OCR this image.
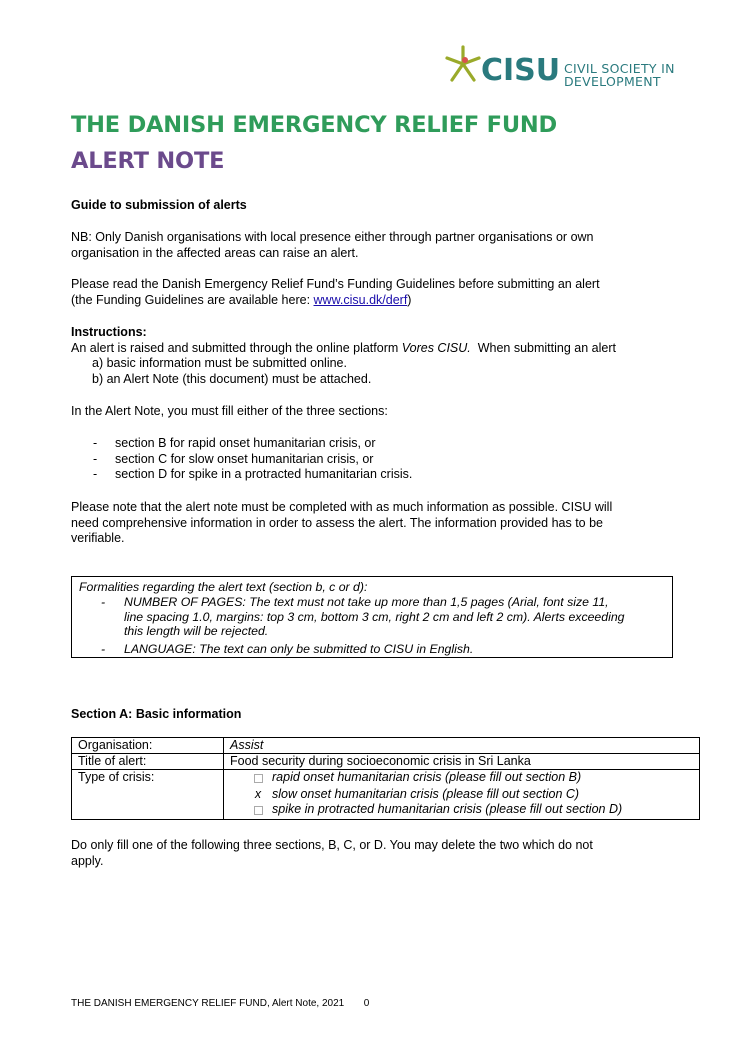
CISU CIVIL SOCIETY IN
DEVELOPMENT
THE DANISH EMERGENCY RELIEF FUND
ALERT NOTE
Guide to submission of alerts
NB: Only Danish organisations with local presence either through partner organisations or own
organisation in the affected areas can raise an alert.
Please read the Danish Emergency Relief Fund’s Funding Guidelines before submitting an alert
(the Funding Guidelines are available here: www.cisu.dk/derf)
Instructions:
An alert is raised and submitted through the online platform Vores CISU.  When submitting an alert
a) basic information must be submitted online.
b) an Alert Note (this document) must be attached.
In the Alert Note, you must fill either of the three sections:
- section B for rapid onset humanitarian crisis, or
- section C for slow onset humanitarian crisis, or
- section D for spike in a protracted humanitarian crisis.
Please note that the alert note must be completed with as much information as possible. CISU will
need comprehensive information in order to assess the alert. The information provided has to be
verifiable.
Formalities regarding the alert text (section b, c or d):
- NUMBER OF PAGES: The text must not take up more than 1,5 pages (Arial, font size 11,
line spacing 1.0, margins: top 3 cm, bottom 3 cm, right 2 cm and left 2 cm). Alerts exceeding
this length will be rejected.
- LANGUAGE: The text can only be submitted to CISU in English.
Section A: Basic information
Organisation:	Assist
Title of alert:	Food security during socioeconomic crisis in Sri Lanka
Type of crisis:	rapid onset humanitarian crisis (please fill out section B)
x slow onset humanitarian crisis (please fill out section C)
spike in protracted humanitarian crisis (please fill out section D)
Do only fill one of the following three sections, B, C, or D. You may delete the two which do not
apply.
THE DANISH EMERGENCY RELIEF FUND, Alert Note, 2021 0
